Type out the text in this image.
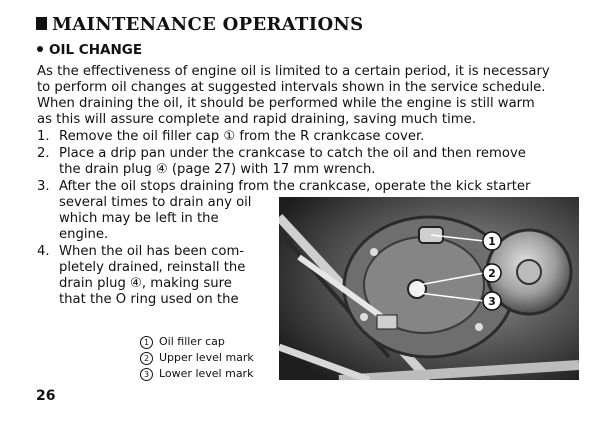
MAINTENANCE OPERATIONS
OIL CHANGE
As the effectiveness of engine oil is limited to a certain period, it is necessary
to perform oil changes at suggested intervals shown in the service schedule.
When draining the oil, it should be performed while the engine is still warm
as this will assure complete and rapid draining, saving much time.
1. Remove the oil filler cap ① from the R crankcase cover.
2. Place a drip pan under the crankcase to catch the oil and then remove
the drain plug ④ (page 27) with 17 mm wrench.
3. After the oil stops draining from the crankcase, operate the kick starter
several times to drain any oil
which may be left in the
engine.
4. When the oil has been com-
pletely drained, reinstall the
drain plug ④, making sure
that the O ring used on the
1
2
3
1 Oil filler cap
2 Upper level mark
3 Lower level mark
26
